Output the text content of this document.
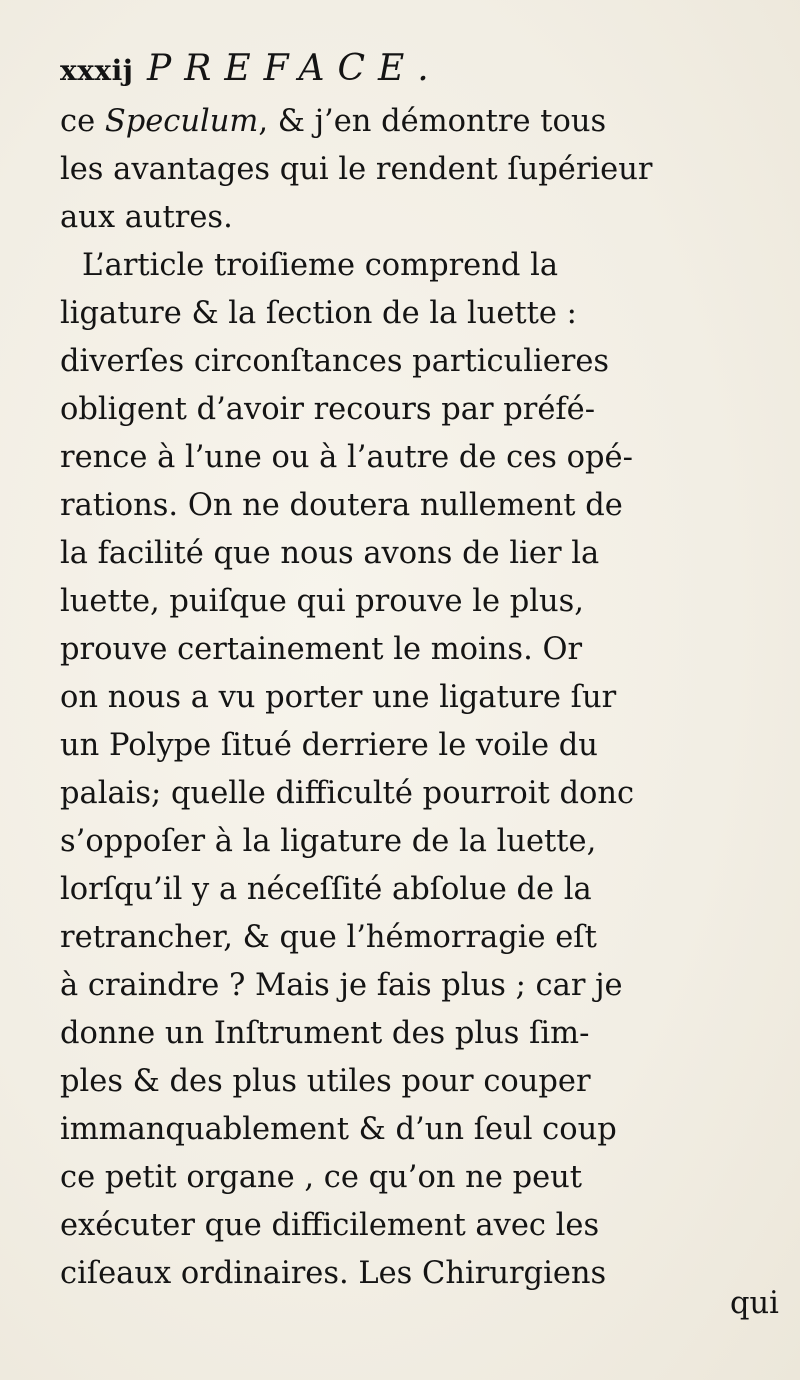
xxxij PREFACE.
ce Speculum, & j’en démontre tous
les avantages qui le rendent ſupérieur
aux autres.
L’article troiſieme comprend la
ligature & la ſection de la luette :
diverſes circonſtances particulieres
obligent d’avoir recours par préfé-
rence à l’une ou à l’autre de ces opé-
rations. On ne doutera nullement de
la facilité que nous avons de lier la
luette, puiſque qui prouve le plus,
prouve certainement le moins. Or
on nous a vu porter une ligature ſur
un Polype ſitué derriere le voile du
palais; quelle difficulté pourroit donc
s’oppoſer à la ligature de la luette,
lorſqu’il y a néceſſité abſolue de la
retrancher, & que l’hémorragie eſt
à craindre ? Mais je fais plus ; car je
donne un Inſtrument des plus ſim-
ples & des plus utiles pour couper
immanquablement & d’un ſeul coup
ce petit organe , ce qu’on ne peut
exécuter que difficilement avec les
ciſeaux ordinaires. Les Chirurgiens
qui
